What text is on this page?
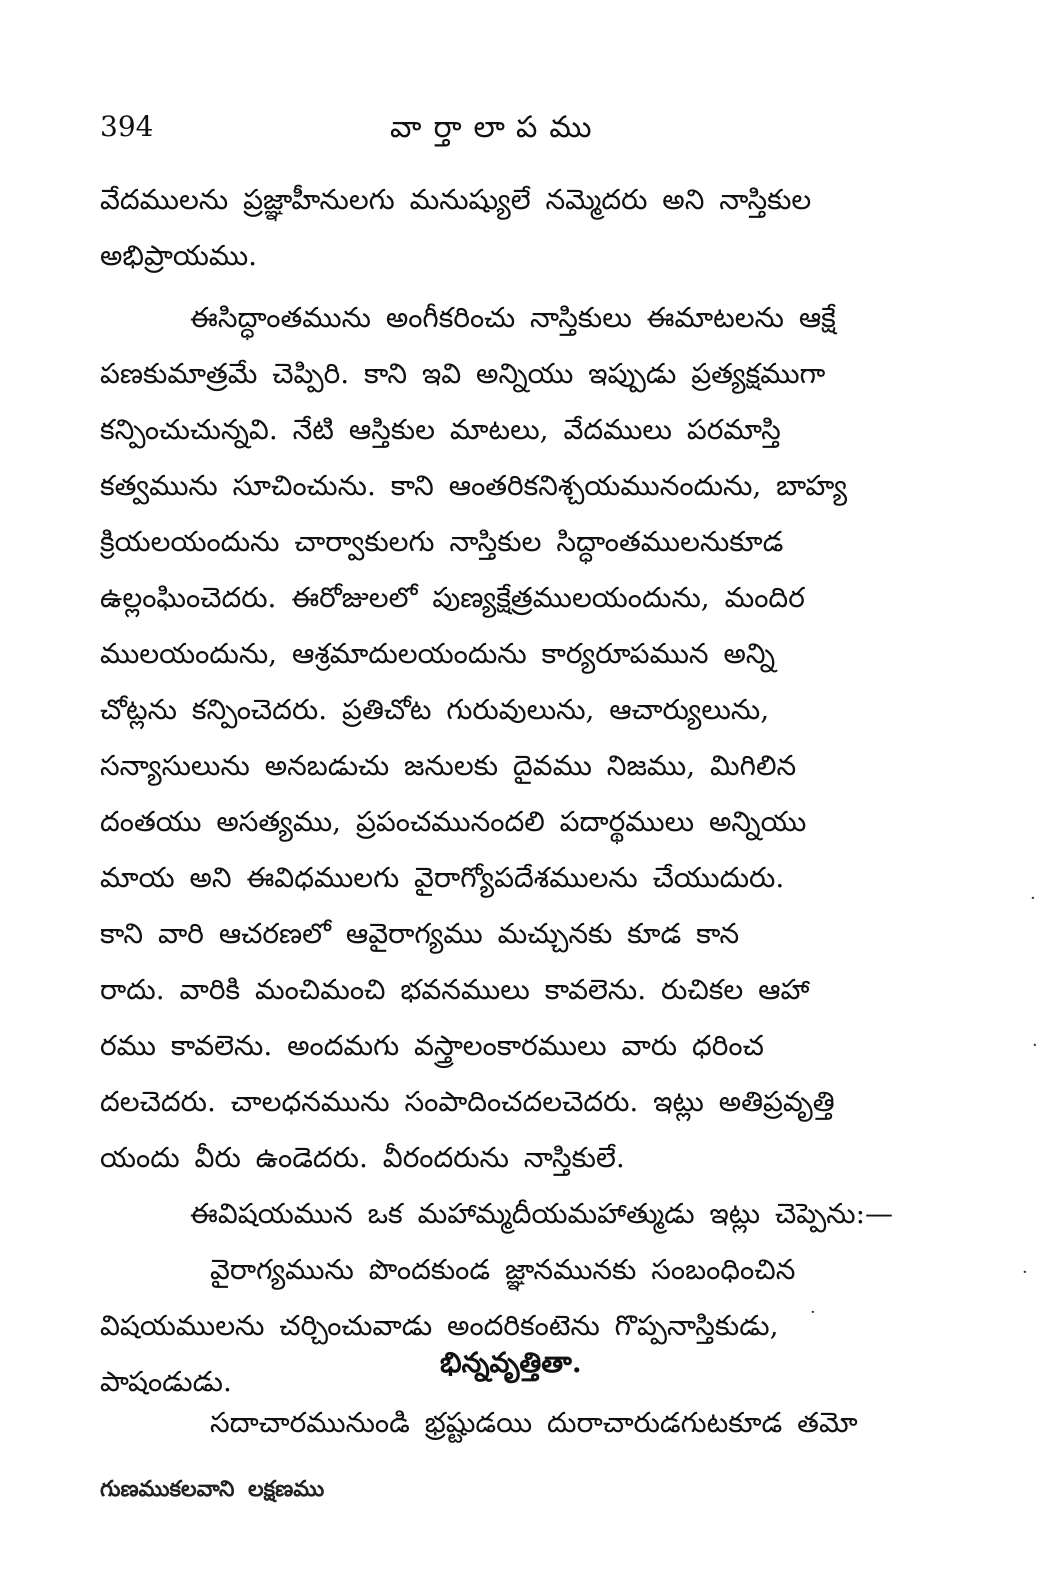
394	వార్తాలాపము
వేదములను ప్రజ్ఞాహీనులగు మనుష్యులే నమ్మెదరు అని నాస్తికుల
అభిప్రాయము.
ఈసిద్ధాంతమును అంగీకరించు నాస్తికులు ఈమాటలను ఆక్షే
పణకుమాత్రమే చెప్పిరి. కాని ఇవి అన్నియు ఇప్పుడు ప్రత్యక్షముగా
కన్పించుచున్నవి. నేటి ఆస్తికుల మాటలు, వేదములు పరమాస్తి
కత్వమును సూచించును. కాని ఆంతరికనిశ్చయమునందును, బాహ్య
క్రియలయందును చార్వాకులగు నాస్తికుల సిద్ధాంతములనుకూడ
ఉల్లంఘించెదరు. ఈరోజులలో పుణ్యక్షేత్రములయందును, మందిర
ములయందును, ఆశ్రమాదులయందును కార్యరూపమున అన్ని
చోట్లను కన్పించెదరు. ప్రతిచోట గురువులును, ఆచార్యులును,
సన్యాసులును అనబడుచు జనులకు దైవము నిజము, మిగిలిన
దంతయు అసత్యము, ప్రపంచమునందలి పదార్థములు అన్నియు
మాయ అని ఈవిధములగు వైరాగ్యోపదేశములను చేయుదురు.
కాని వారి ఆచరణలో ఆవైరాగ్యము మచ్చునకు కూడ కాన
రాదు. వారికి మంచిమంచి భవనములు కావలెను. రుచికల ఆహా
రము కావలెను. అందమగు వస్త్రాలంకారములు వారు ధరించ
దలచెదరు. చాలధనమును సంపాదించదలచెదరు. ఇట్లు అతిప్రవృత్తి
యందు వీరు ఉండెదరు. వీరందరును నాస్తికులే.
ఈవిషయమున ఒక మహామ్మదీయమహాత్ముడు ఇట్లు చెప్పెను:—
వైరాగ్యమును పొందకుండ జ్ఞానమునకు సంబంధించిన
విషయములను చర్చించువాడు అందరికంటెను గొప్పనాస్తికుడు,
పాషండుడు.
భిన్నవృత్తితా.
సదాచారమునుండి భ్రష్టుడయి దురాచారుడగుటకూడ తమో
గుణముకలవాని లక్షణము
·
·
·
·
